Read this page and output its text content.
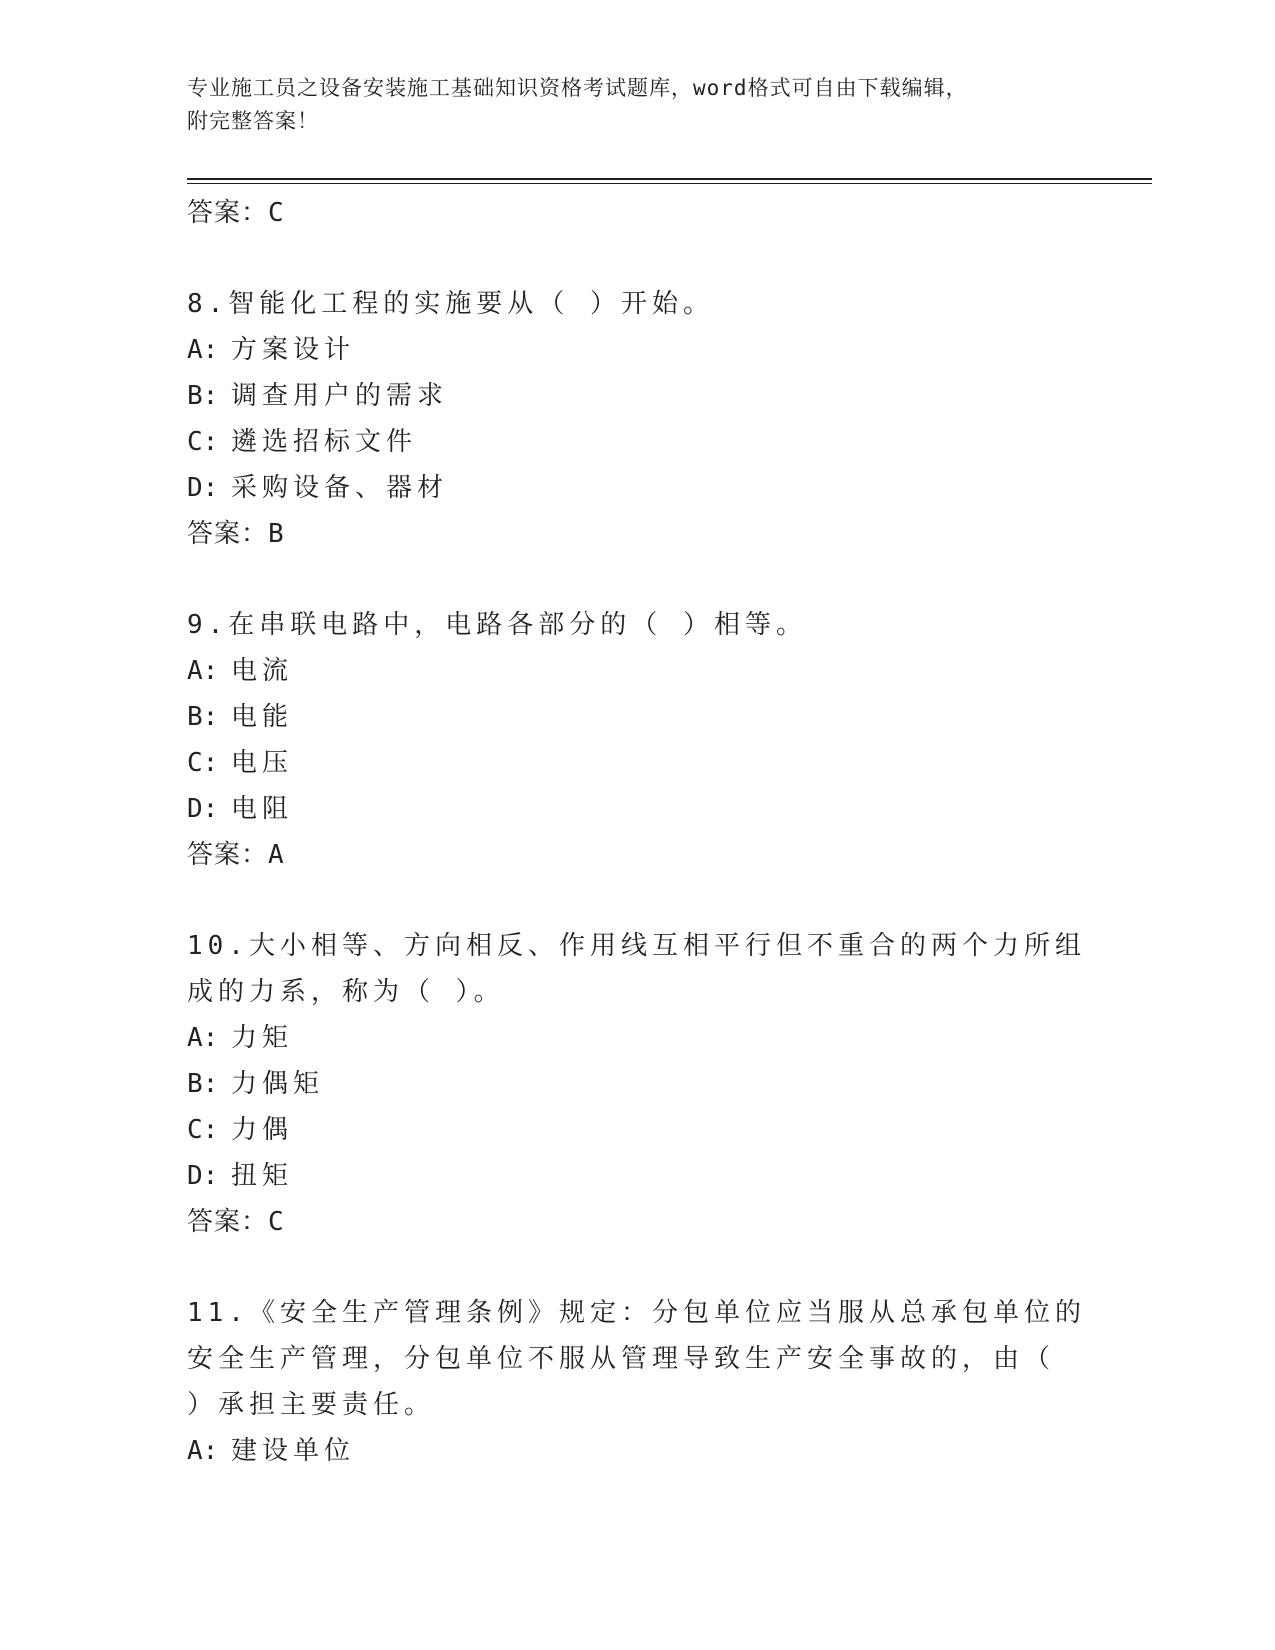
专业施工员之设备安装施工基础知识资格考试题库，word格式可自由下载编辑，
附完整答案！
答案：C

8.智能化工程的实施要从（ ）开始。

A: 方案设计
B: 调查用户的需求
C: 遴选招标文件
D: 采购设备、器材
答案：B

9.在串联电路中，电路各部分的（ ）相等。

A: 电流
B: 电能
C: 电压
D: 电阻
答案：A

10.大小相等、方向相反、作用线互相平行但不重合的两个力所组成的力系，称为（ ）。

A: 力矩
B: 力偶矩
C: 力偶
D: 扭矩
答案：C

11.《安全生产管理条例》规定：分包单位应当服从总承包单位的安全生产管理，分包单位不服从管理导致生产安全事故的，由（ ）承担主要责任。

A: 建设单位
